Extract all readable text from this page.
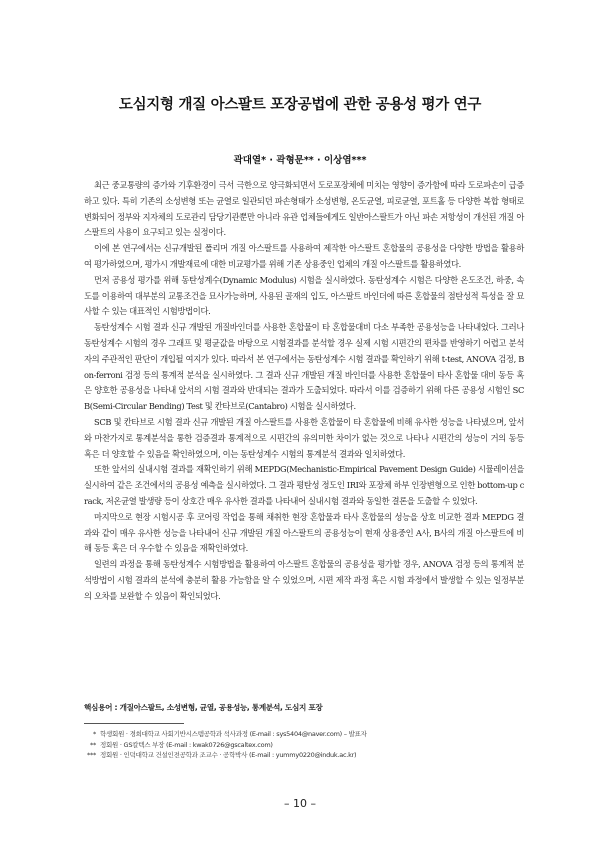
도심지형 개질 아스팔트 포장공법에 관한 공용성 평가 연구
곽대열* · 곽형문** · 이상염***

최근 중교통량의 증가와 기후환경이 극서 극한으로 양극화되면서 도로포장체에 미치는 영향이 증가함에 따라 도로파손이 급증하고 있다. 특히 기존의 소성변형 또는 균열로 일관되던 파손형태가 소성변형, 온도균열, 피로균열, 포트홀 등 다양한 복합 형태로 변화되어 정부와 지자체의 도로관리 담당기관뿐만 아니라 유관 업체들에게도 일반아스팔트가 아닌 파손 저항성이 개선된 개질 아스팔트의 사용이 요구되고 있는 실정이다.

이에 본 연구에서는 신규개발된 폴리머 개질 아스팔트를 사용하여 제작한 아스팔트 혼합물의 공용성을 다양한 방법을 활용하여 평가하였으며, 평가시 개발재료에 대한 비교평가를 위해 기존 상용중인 업체의 개질 아스팔트를 활용하였다.

먼저 공용성 평가를 위해 동탄성계수(Dynamic Modulus) 시험을 실시하였다. 동탄성계수 시험은 다양한 온도조건, 하중, 속도를 이용하여 대부분의 교통조건을 묘사가능하며, 사용된 골재의 입도, 아스팔트 바인더에 따른 혼합물의 점탄성적 특성을 잘 묘사할 수 있는 대표적인 시험방법이다.

동탄성계수 시험 결과 신규 개발된 개질바인더를 사용한 혼합물이 타 혼합물대비 다소 부족한 공용성능을 나타내었다. 그러나 동탄성계수 시험의 경우 그래프 및 평균값을 바탕으로 시험결과를 분석할 경우 실제 시험 시편간의 편차를 반영하기 어렵고 분석자의 주관적인 판단이 개입될 여지가 있다. 따라서 본 연구에서는 동탄성계수 시험 결과를 확인하기 위해 t-test, ANOVA 검정, Bon-ferroni 검정 등의 통계적 분석을 실시하였다. 그 결과 신규 개발된 개질 바인더를 사용한 혼합물이 타사 혼합물 대비 동등 혹은 양호한 공용성을 나타내 앞서의 시험 결과와 반대되는 결과가 도출되었다. 따라서 이를 검증하기 위해 다른 공용성 시험인 SCB(Semi-Circular Bending) Test 및 칸타브로(Cantabro) 시험을 실시하였다.

SCB 및 칸타브로 시험 결과 신규 개발된 개질 아스팔트를 사용한 혼합물이 타 혼합물에 비해 유사한 성능을 나타냈으며, 앞서와 마찬가지로 통계분석을 통한 검증결과 통계적으로 시편간의 유의미한 차이가 없는 것으로 나타나 시편간의 성능이 거의 동등 혹은 더 양호할 수 있음을 확인하였으며, 이는 동탄성계수 시험의 통계분석 결과와 일치하였다.

또한 앞서의 실내시험 결과를 재확인하기 위해 MEPDG(Mechanistic-Empirical Pavement Design Guide) 시뮬레이션을 실시하여 같은 조건에서의 공용성 예측을 실시하였다. 그 결과 평탄성 정도인 IRI와 포장체 하부 인장변형으로 인한 bottom-up crack, 저온균열 발생량 등이 상호간 매우 유사한 결과를 나타내어 실내시험 결과와 동일한 결론을 도출할 수 있었다.

마지막으로 현장 시험시공 후 코어링 작업을 통해 채취한 현장 혼합물과 타사 혼합물의 성능을 상호 비교한 결과 MEPDG 결과와 같이 매우 유사한 성능을 나타내어 신규 개발된 개질 아스팔트의 공용성능이 현재 상용중인 A사, B사의 개질 아스팔트에 비해 동등 혹은 더 우수할 수 있음을 재확인하였다.

일련의 과정을 통해 동탄성계수 시험방법을 활용하여 아스팔트 혼합물의 공용성을 평가할 경우, ANOVA 검정 등의 통계적 분석방법이 시험 결과의 분석에 충분히 활용 가능함을 알 수 있었으며, 시편 제작 과정 혹은 시험 과정에서 발생할 수 있는 일정부분의 오차를 보완할 수 있음이 확인되었다.

핵심용어 : 개질아스팔트, 소성변형, 균열, 공용성능, 통계분석, 도심지 포장
* 학생회원 · 경희대학교 사회기반시스템공학과 석사과정 (E-mail : sys5404@naver.com) – 발표자
** 정회원 · GS칼텍스 부장 (E-mail : kwak0726@gscaltex.com)
*** 정회원 · 인덕대학교 건설인전공학과 조교수 · 공학박사 (E-mail : yummy0220@induk.ac.kr)
– 10 –
